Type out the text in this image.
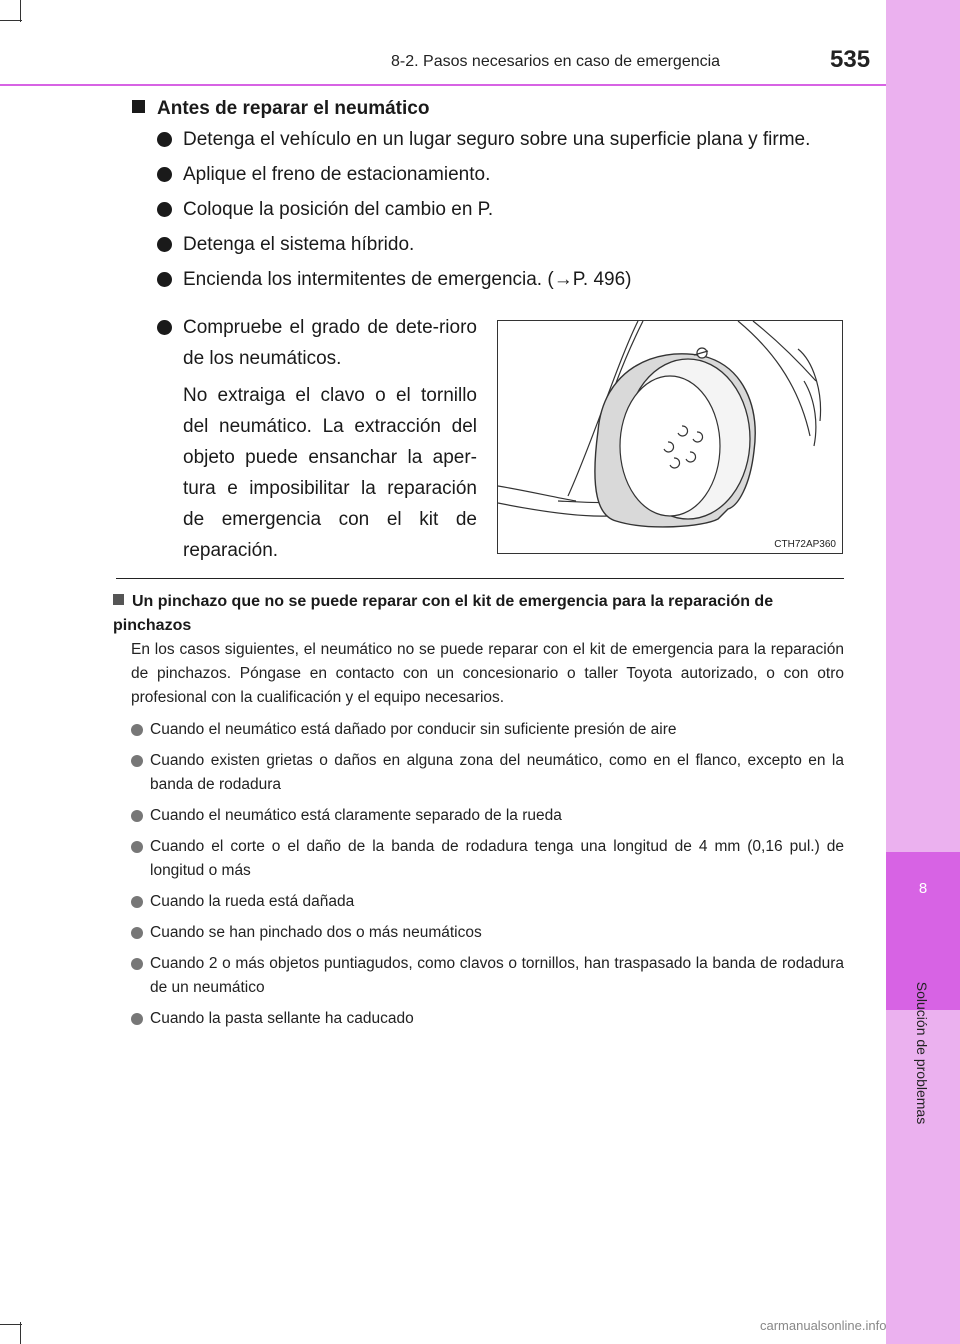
8
Solución de problemas
8-2. Pasos necesarios en caso de emergencia	535
Antes de reparar el neumático
Detenga el vehículo en un lugar seguro sobre una superficie plana y firme.
Aplique el freno de estacionamiento.
Coloque la posición del cambio en P.
Detenga el sistema híbrido.
Encienda los intermitentes de emergencia. (→P. 496)

Compruebe el grado de dete-rioro de los neumáticos.

No extraiga el clavo o el tornillo del neumático. La extracción del objeto puede ensanchar la aper-tura e imposibilitar la reparación de emergencia con el kit de reparación.	CTH72AP360
Un pinchazo que no se puede reparar con el kit de emergencia para la reparación de pinchazos
En los casos siguientes, el neumático no se puede reparar con el kit de emergencia para la reparación de pinchazos. Póngase en contacto con un concesionario o taller Toyota autorizado, o con otro profesional con la cualificación y el equipo necesarios.
Cuando el neumático está dañado por conducir sin suficiente presión de aire
Cuando existen grietas o daños en alguna zona del neumático, como en el flanco, excepto en la banda de rodadura
Cuando el neumático está claramente separado de la rueda
Cuando el corte o el daño de la banda de rodadura tenga una longitud de 4 mm (0,16 pul.) de longitud o más
Cuando la rueda está dañada
Cuando se han pinchado dos o más neumáticos
Cuando 2 o más objetos puntiagudos, como clavos o tornillos, han traspasado la banda de rodadura de un neumático
Cuando la pasta sellante ha caducado
carmanualsonline.info
